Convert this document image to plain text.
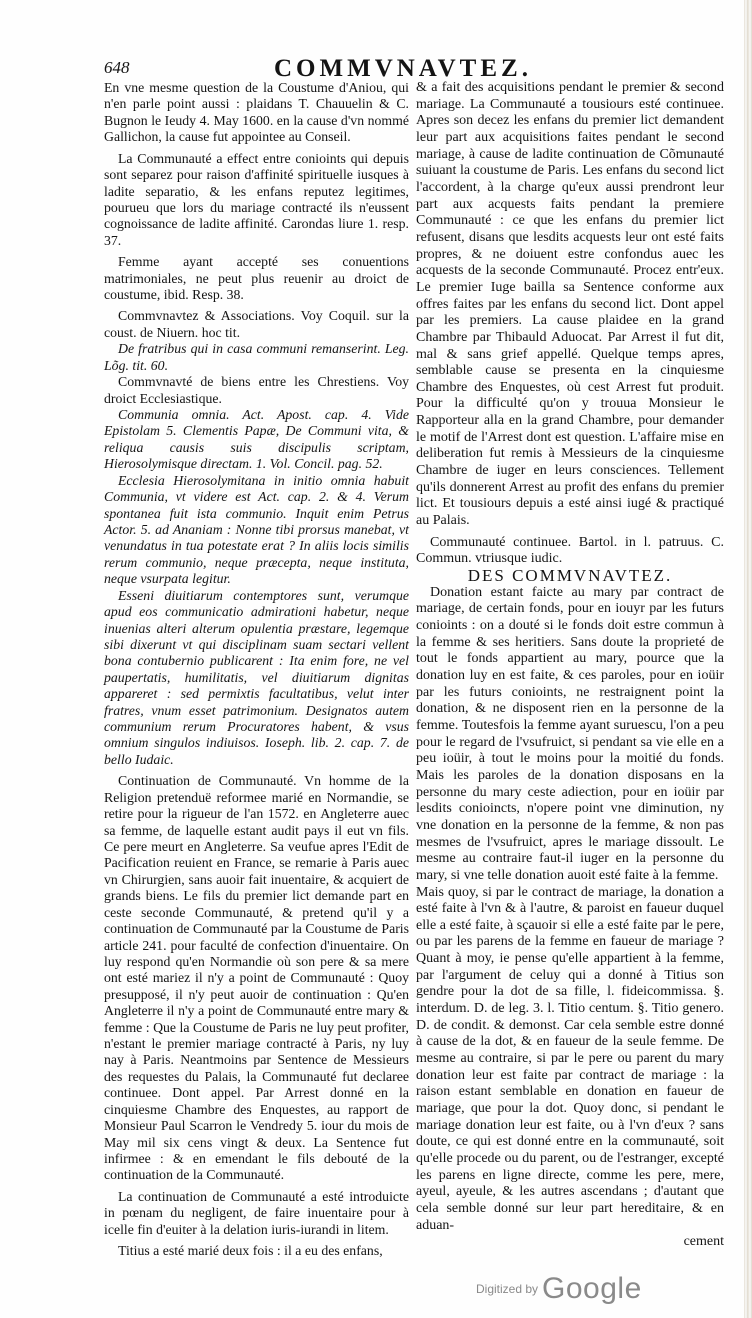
648	COMMVNAVTEZ.

En vne mesme question de la Coustume d'Aniou, qui n'en parle point aussi : plaidans T. Chauuelin & C. Bugnon le Ieudy 4. May 1600. en la cause d'vn nommé Gallichon, la cause fut appointee au Conseil.

La Communauté a effect entre conioints qui depuis sont separez pour raison d'affinité spirituelle iusques à ladite separatio, & les enfans reputez legitimes, pourueu que lors du mariage contracté ils n'eussent cognoissance de ladite affinité. Carondas liure 1. resp. 37.

Femme ayant accepté ses conuentions matrimoniales, ne peut plus reuenir au droict de coustume, ibid. Resp. 38.

Commvnavtez & Associations. Voy Coquil. sur la coust. de Niuern. hoc tit.

De fratribus qui in casa communi remanserint. Leg. Lõg. tit. 60.

Commvnavté de biens entre les Chrestiens. Voy droict Ecclesiastique.

Communia omnia. Act. Apost. cap. 4. Vide Epistolam 5. Clementis Papæ, De Communi vita, & reliqua causis suis discipulis scriptam, Hierosolymisque directam. 1. Vol. Concil. pag. 52.

Ecclesia Hierosolymitana in initio omnia habuit Communia, vt videre est Act. cap. 2. & 4. Verum spontanea fuit ista communio. Inquit enim Petrus Actor. 5. ad Ananiam : Nonne tibi prorsus manebat, vt venundatus in tua potestate erat ? In aliis locis similis rerum communio, neque præcepta, neque instituta, neque vsurpata legitur.

Esseni diuitiarum contemptores sunt, verumque apud eos communicatio admirationi habetur, neque inuenias alteri alterum opulentia præstare, legemque sibi dixerunt vt qui disciplinam suam sectari vellent bona contubernio publicarent : Ita enim fore, ne vel paupertatis, humilitatis, vel diuitiarum dignitas appareret : sed permixtis facultatibus, velut inter fratres, vnum esset patrimonium. Designatos autem communium rerum Procuratores habent, & vsus omnium singulos indiuisos. Ioseph. lib. 2. cap. 7. de bello Iudaic.

Continuation de Communauté. Vn homme de la Religion pretenduë reformee marié en Normandie, se retire pour la rigueur de l'an 1572. en Angleterre auec sa femme, de laquelle estant audit pays il eut vn fils. Ce pere meurt en Angleterre. Sa veufue apres l'Edit de Pacification reuient en France, se remarie à Paris auec vn Chirurgien, sans auoir fait inuentaire, & acquiert de grands biens. Le fils du premier lict demande part en ceste seconde Communauté, & pretend qu'il y a continuation de Communauté par la Coustume de Paris article 241. pour faculté de confection d'inuentaire. On luy respond qu'en Normandie où son pere & sa mere ont esté mariez il n'y a point de Communauté : Quoy presupposé, il n'y peut auoir de continuation : Qu'en Angleterre il n'y a point de Communauté entre mary & femme : Que la Coustume de Paris ne luy peut profiter, n'estant le premier mariage contracté à Paris, ny luy nay à Paris. Neantmoins par Sentence de Messieurs des requestes du Palais, la Communauté fut declaree continuee. Dont appel. Par Arrest donné en la cinquiesme Chambre des Enquestes, au rapport de Monsieur Paul Scarron le Vendredy 5. iour du mois de May mil six cens vingt & deux. La Sentence fut infirmee : & en emendant le fils debouté de la continuation de la Communauté.

La continuation de Communauté a esté introduicte in pœnam du negligent, de faire inuentaire pour à icelle fin d'euiter à la delation iuris-iurandi in litem.

Titius a esté marié deux fois : il a eu des enfans,

& a fait des acquisitions pendant le premier & second mariage. La Communauté a tousiours esté continuee. Apres son decez les enfans du premier lict demandent leur part aux acquisitions faites pendant le second mariage, à cause de ladite continuation de Cõmunauté suiuant la coustume de Paris. Les enfans du second lict l'accordent, à la charge qu'eux aussi prendront leur part aux acquests faits pendant la premiere Communauté : ce que les enfans du premier lict refusent, disans que lesdits acquests leur ont esté faits propres, & ne doiuent estre confondus auec les acquests de la seconde Communauté. Procez entr'eux. Le premier Iuge bailla sa Sentence conforme aux offres faites par les enfans du second lict. Dont appel par les premiers. La cause plaidee en la grand Chambre par Thibauld Aduocat. Par Arrest il fut dit, mal & sans grief appellé. Quelque temps apres, semblable cause se presenta en la cinquiesme Chambre des Enquestes, où cest Arrest fut produit. Pour la difficulté qu'on y trouua Monsieur le Rapporteur alla en la grand Chambre, pour demander le motif de l'Arrest dont est question. L'affaire mise en deliberation fut remis à Messieurs de la cinquiesme Chambre de iuger en leurs consciences. Tellement qu'ils donnerent Arrest au profit des enfans du premier lict. Et tousiours depuis a esté ainsi iugé & practiqué au Palais.

Communauté continuee. Bartol. in l. patruus. C. Commun. vtriusque iudic.

DES COMMVNAVTEZ.

Donation estant faicte au mary par contract de mariage, de certain fonds, pour en iouyr par les futurs conioints : on a douté si le fonds doit estre commun à la femme & ses heritiers. Sans doute la proprieté de tout le fonds appartient au mary, pource que la donation luy en est faite, & ces paroles, pour en ioüir par les futurs conioints, ne restraignent point la donation, & ne disposent rien en la personne de la femme. Toutesfois la femme ayant suruescu, l'on a peu pour le regard de l'vsufruict, si pendant sa vie elle en a peu ioüir, à tout le moins pour la moitié du fonds. Mais les paroles de la donation disposans en la personne du mary ceste adiection, pour en ioüir par lesdits conioincts, n'opere point vne diminution, ny vne donation en la personne de la femme, & non pas mesmes de l'vsufruict, apres le mariage dissoult. Le mesme au contraire faut-il iuger en la personne du mary, si vne telle donation auoit esté faite à la femme.

Mais quoy, si par le contract de mariage, la donation a esté faite à l'vn & à l'autre, & paroist en faueur duquel elle a esté faite, à sçauoir si elle a esté faite par le pere, ou par les parens de la femme en faueur de mariage ? Quant à moy, ie pense qu'elle appartient à la femme, par l'argument de celuy qui a donné à Titius son gendre pour la dot de sa fille, l. fideicommissa. §. interdum. D. de leg. 3. l. Titio centum. §. Titio genero. D. de condit. & demonst. Car cela semble estre donné à cause de la dot, & en faueur de la seule femme. De mesme au contraire, si par le pere ou parent du mary donation leur est faite par contract de mariage : la raison estant semblable en donation en faueur de mariage, que pour la dot. Quoy donc, si pendant le mariage donation leur est faite, ou à l'vn d'eux ? sans doute, ce qui est donné entre en la communauté, soit qu'elle procede ou du parent, ou de l'estranger, excepté les parens en ligne directe, comme les pere, mere, ayeul, ayeule, & les autres ascendans ; d'autant que cela semble donné sur leur part hereditaire, & en aduan-

cement

Digitized by Google
